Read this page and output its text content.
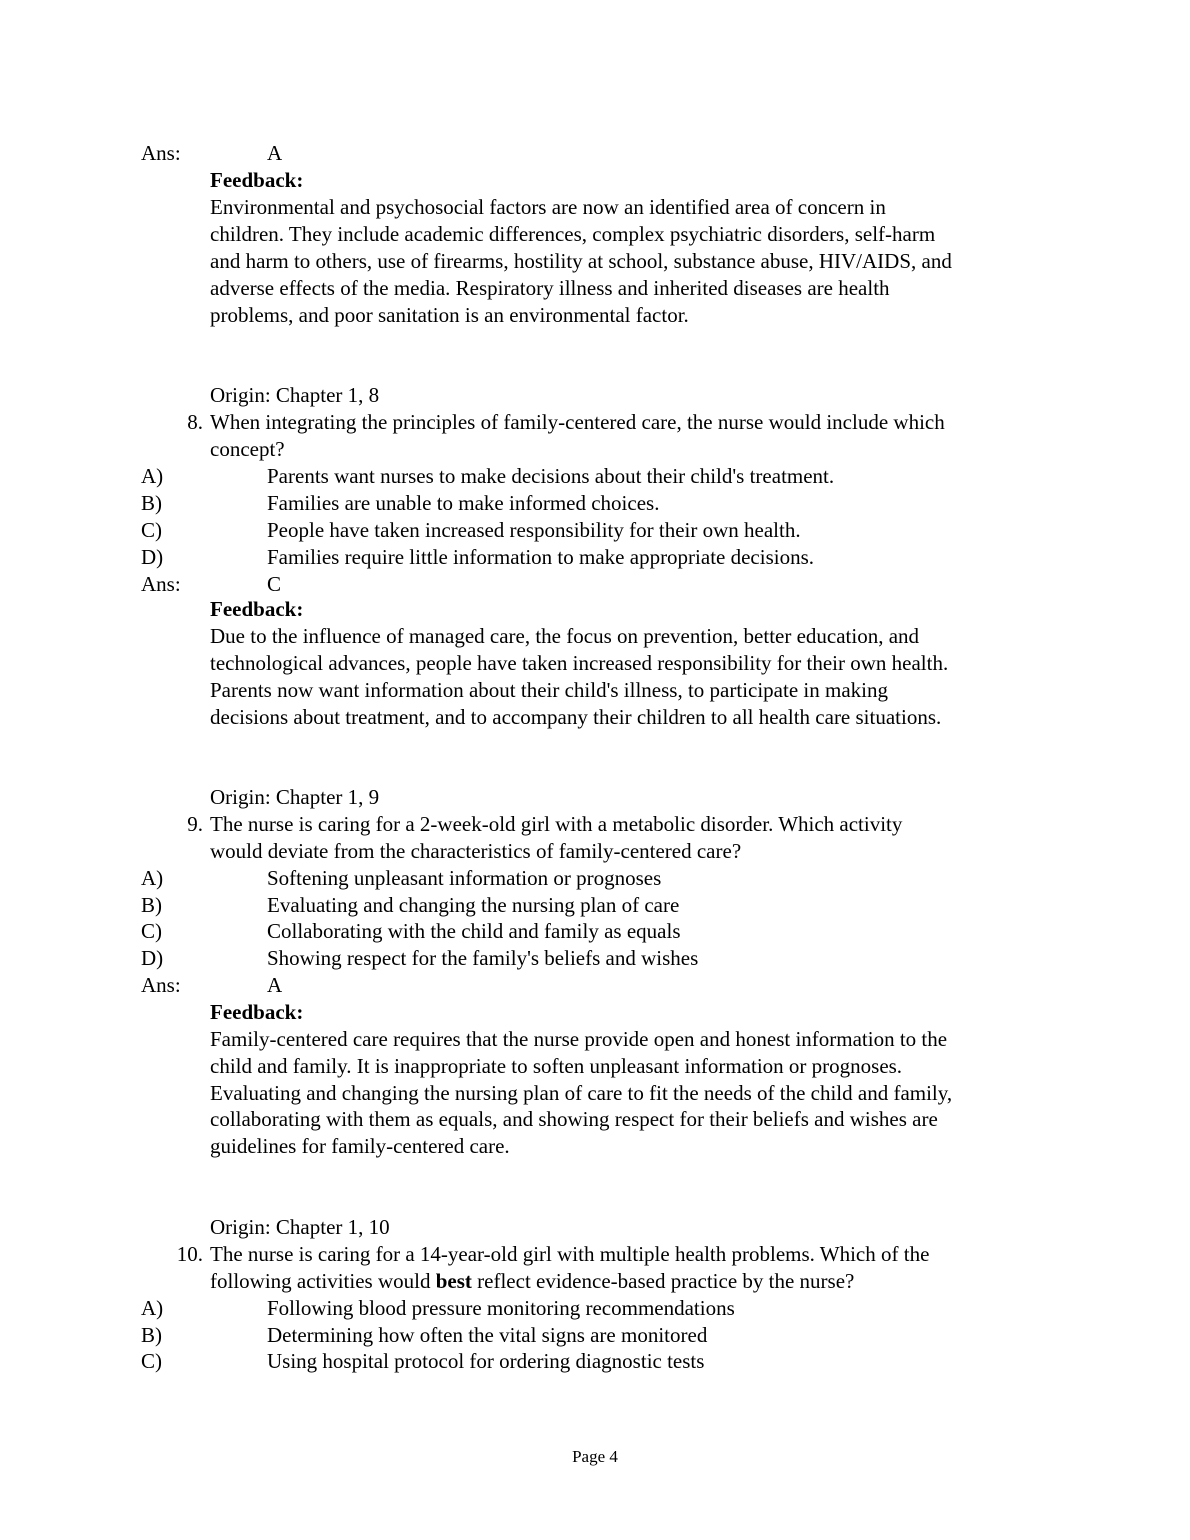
Ans:	A
Feedback:
Environmental and psychosocial factors are now an identified area of concern in
children. They include academic differences, complex psychiatric disorders, self-harm
and harm to others, use of firearms, hostility at school, substance abuse, HIV/AIDS, and
adverse effects of the media. Respiratory illness and inherited diseases are health
problems, and poor sanitation is an environmental factor.
Origin: Chapter 1, 8
8. When integrating the principles of family-centered care, the nurse would include which
concept?
A)	Parents want nurses to make decisions about their child's treatment.
B)	Families are unable to make informed choices.
C)	People have taken increased responsibility for their own health.
D)	Families require little information to make appropriate decisions.
Ans:	C
Feedback:
Due to the influence of managed care, the focus on prevention, better education, and
technological advances, people have taken increased responsibility for their own health.
Parents now want information about their child's illness, to participate in making
decisions about treatment, and to accompany their children to all health care situations.
Origin: Chapter 1, 9
9. The nurse is caring for a 2-week-old girl with a metabolic disorder. Which activity
would deviate from the characteristics of family-centered care?
A)	Softening unpleasant information or prognoses
B)	Evaluating and changing the nursing plan of care
C)	Collaborating with the child and family as equals
D)	Showing respect for the family's beliefs and wishes
Ans:	A
Feedback:
Family-centered care requires that the nurse provide open and honest information to the
child and family. It is inappropriate to soften unpleasant information or prognoses.
Evaluating and changing the nursing plan of care to fit the needs of the child and family,
collaborating with them as equals, and showing respect for their beliefs and wishes are
guidelines for family-centered care.
Origin: Chapter 1, 10
10. The nurse is caring for a 14-year-old girl with multiple health problems. Which of the
following activities would best reflect evidence-based practice by the nurse?
A)	Following blood pressure monitoring recommendations
B)	Determining how often the vital signs are monitored
C)	Using hospital protocol for ordering diagnostic tests
Page 4
